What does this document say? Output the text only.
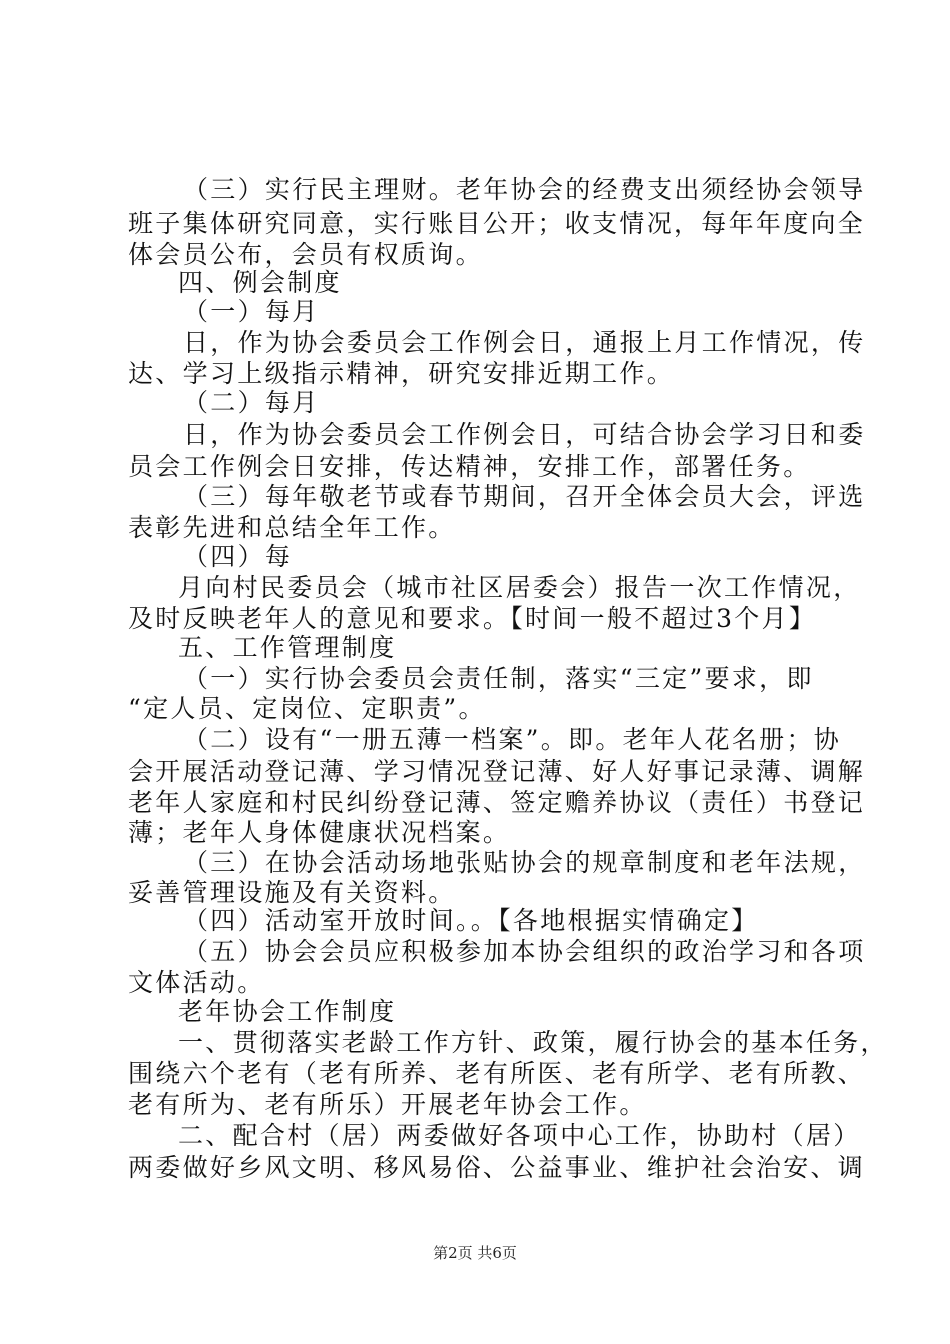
（三）实行民主理财。老年协会的经费支出须经协会领导
班子集体研究同意，实行账目公开；收支情况，每年年度向全
体会员公布，会员有权质询。
四、例会制度
（一）每月
日，作为协会委员会工作例会日，通报上月工作情况，传
达、学习上级指示精神，研究安排近期工作。
（二）每月
日，作为协会委员会工作例会日，可结合协会学习日和委
员会工作例会日安排，传达精神，安排工作，部署任务。
（三）每年敬老节或春节期间，召开全体会员大会，评选
表彰先进和总结全年工作。
（四）每
月向村民委员会（城市社区居委会）报告一次工作情况，
及时反映老年人的意见和要求。【时间一般不超过3个月】
五、工作管理制度
（一）实行协会委员会责任制，落实“三定”要求，即
“定人员、定岗位、定职责”。
（二）设有“一册五薄一档案”。即。老年人花名册；协
会开展活动登记薄、学习情况登记薄、好人好事记录薄、调解
老年人家庭和村民纠纷登记薄、签定赡养协议（责任）书登记
薄；老年人身体健康状况档案。
（三）在协会活动场地张贴协会的规章制度和老年法规，
妥善管理设施及有关资料。
（四）活动室开放时间。。【各地根据实情确定】
（五）协会会员应积极参加本协会组织的政治学习和各项
文体活动。
老年协会工作制度
一、贯彻落实老龄工作方针、政策，履行协会的基本任务，
围绕六个老有（老有所养、老有所医、老有所学、老有所教、
老有所为、老有所乐）开展老年协会工作。
二、配合村（居）两委做好各项中心工作，协助村（居）
两委做好乡风文明、移风易俗、公益事业、维护社会治安、调
第2页 共6页
